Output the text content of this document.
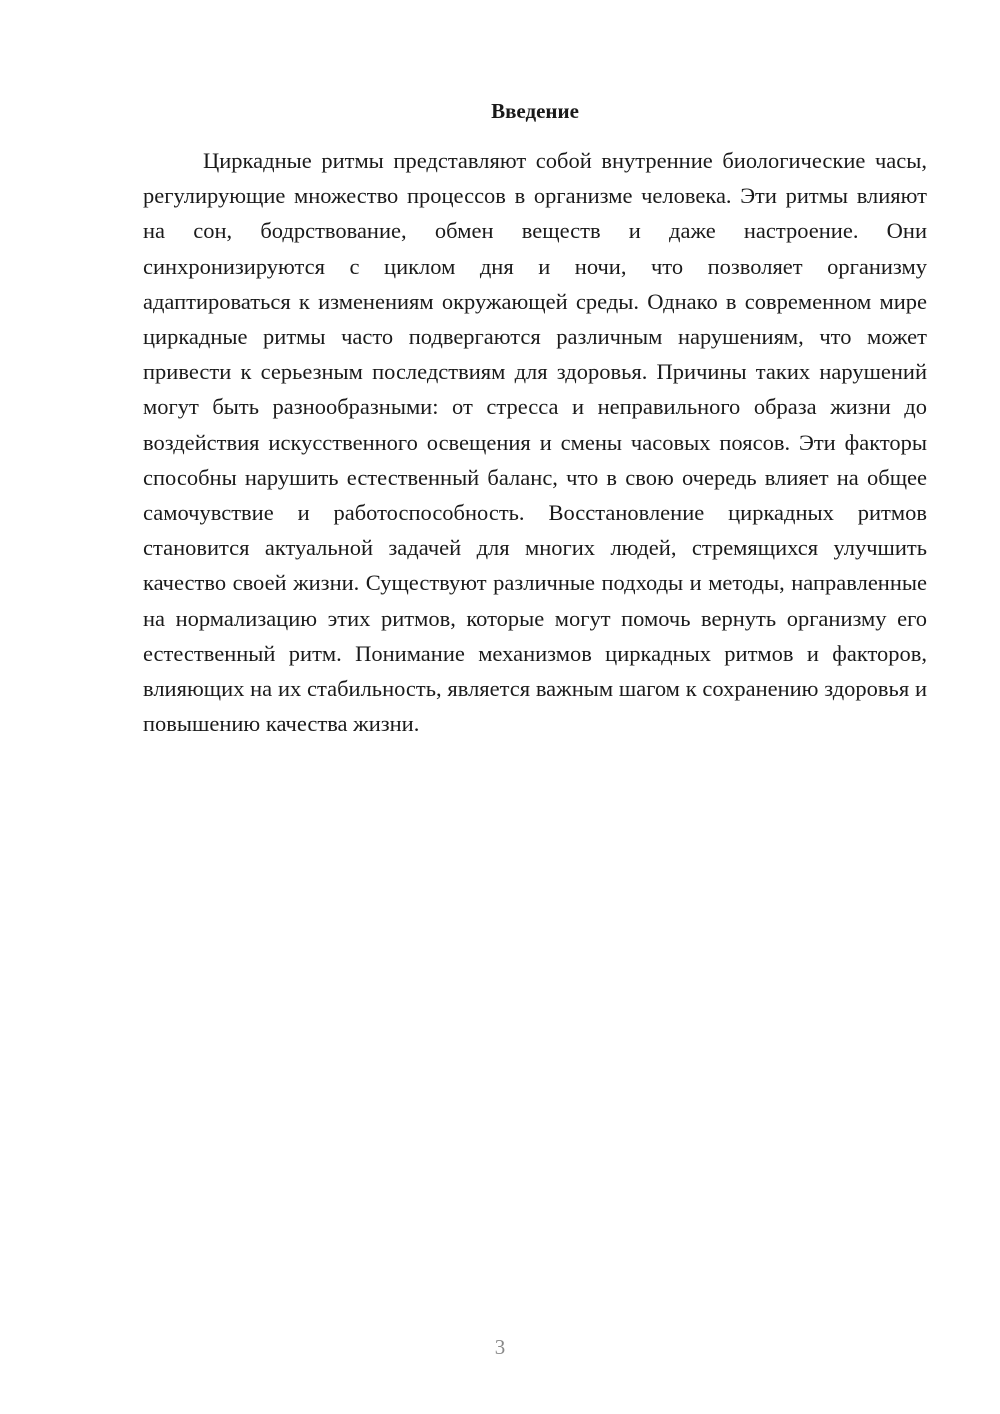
Введение

Циркадные ритмы представляют собой внутренние биологические часы, регулирующие множество процессов в организме человека. Эти ритмы влияют на сон, бодрствование, обмен веществ и даже настроение. Они синхронизируются с циклом дня и ночи, что позволяет организму адаптироваться к изменениям окружающей среды. Однако в современном мире циркадные ритмы часто подвергаются различным нарушениям, что может привести к серьезным последствиям для здоровья. Причины таких нарушений могут быть разнообразными: от стресса и неправильного образа жизни до воздействия искусственного освещения и смены часовых поясов. Эти факторы способны нарушить естественный баланс, что в свою очередь влияет на общее самочувствие и работоспособность. Восстановление циркадных ритмов становится актуальной задачей для многих людей, стремящихся улучшить качество своей жизни. Существуют различные подходы и методы, направленные на нормализацию этих ритмов, которые могут помочь вернуть организму его естественный ритм. Понимание механизмов циркадных ритмов и факторов, влияющих на их стабильность, является важным шагом к сохранению здоровья и повышению качества жизни.

3
